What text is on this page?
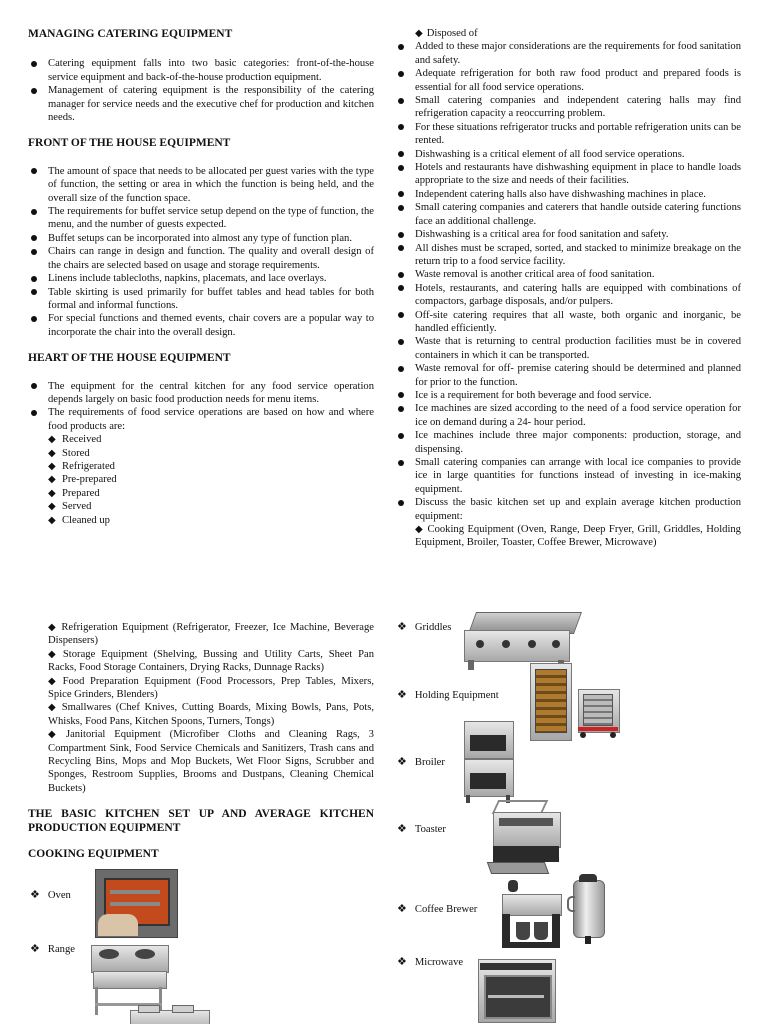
MANAGING CATERING EQUIPMENT
Catering equipment falls into two basic categories: front-of-the-house service equipment and back-of-the-house production equipment.
Management of catering equipment is the responsibility of the catering manager for service needs and the executive chef for production and kitchen needs.
FRONT OF THE HOUSE EQUIPMENT
The amount of space that needs to be allocated per guest varies with the type of function, the setting or area in which the function is being held, and the overall size of the function space.
The requirements for buffet service setup depend on the type of function, the menu, and the number of guests expected.
Buffet setups can be incorporated into almost any type of function plan.
Chairs can range in design and function. The quality and overall design of the chairs are selected based on usage and storage requirements.
Linens include tablecloths, napkins, placemats, and lace overlays.
Table skirting is used primarily for buffet tables and head tables for both formal and informal functions.
For special functions and themed events, chair covers are a popular way to incorporate the chair into the overall design.
HEART OF THE HOUSE EQUIPMENT
The equipment for the central kitchen for any food service operation depends largely on basic food production needs for menu items.
The requirements of food service operations are based on how and where food products are:
◆ Received
◆ Stored
◆ Refrigerated
◆ Pre-prepared
◆ Prepared
◆ Served
◆ Cleaned up
◆ Disposed of
Added to these major considerations are the requirements for food sanitation and safety.
Adequate refrigeration for both raw food product and prepared foods is essential for all food service operations.
Small catering companies and independent catering halls may find refrigeration capacity a reoccurring problem.
For these situations refrigerator trucks and portable refrigeration units can be rented.
Dishwashing is a critical element of all food service operations.
Hotels and restaurants have dishwashing equipment in place to handle loads appropriate to the size and needs of their facilities.
Independent catering halls also have dishwashing machines in place.
Small catering companies and caterers that handle outside catering functions face an additional challenge.
Dishwashing is a critical area for food sanitation and safety.
All dishes must be scraped, sorted, and stacked to minimize breakage on the return trip to a food service facility.
Waste removal is another critical area of food sanitation.
Hotels, restaurants, and catering halls are equipped with combinations of compactors, garbage disposals, and/or pulpers.
Off-site catering requires that all waste, both organic and inorganic, be handled efficiently.
Waste that is returning to central production facilities must be in covered containers in which it can be transported.
Waste removal for off- premise catering should be determined and planned for prior to the function.
Ice is a requirement for both beverage and food service.
Ice machines are sized according to the need of a food service operation for ice on demand during a 24- hour period.
Ice machines include three major components: production, storage, and dispensing.
Small catering companies can arrange with local ice companies to provide ice in large quantities for functions instead of investing in ice-making equipment.
Discuss the basic kitchen set up and explain average kitchen production equipment:
◆ Cooking Equipment (Oven, Range, Deep Fryer, Grill, Griddles, Holding Equipment, Broiler, Toaster, Coffee Brewer, Microwave)
◆ Refrigeration Equipment (Refrigerator, Freezer, Ice Machine, Beverage Dispensers)
◆ Storage Equipment (Shelving, Bussing and Utility Carts, Sheet Pan Racks, Food Storage Containers, Drying Racks, Dunnage Racks)
◆ Food Preparation Equipment (Food Processors, Prep Tables, Mixers, Spice Grinders, Blenders)
◆ Smallwares (Chef Knives, Cutting Boards, Mixing Bowls, Pans, Pots, Whisks, Food Pans, Kitchen Spoons, Turners, Tongs)
◆ Janitorial Equipment (Microfiber Cloths and Cleaning Rags, 3 Compartment Sink, Food Service Chemicals and Sanitizers, Trash cans and Recycling Bins, Mops and Mop Buckets, Wet Floor Signs, Scrubber and Sponges, Restroom Supplies, Brooms and Dustpans, Cleaning Chemical Buckets)
THE BASIC KITCHEN SET UP AND AVERAGE KITCHEN PRODUCTION EQUIPMENT
COOKING EQUIPMENT
❖ Oven
❖ Range
❖ Griddles
❖ Holding Equipment
❖ Broiler
❖ Toaster
❖ Coffee Brewer
❖ Microwave
